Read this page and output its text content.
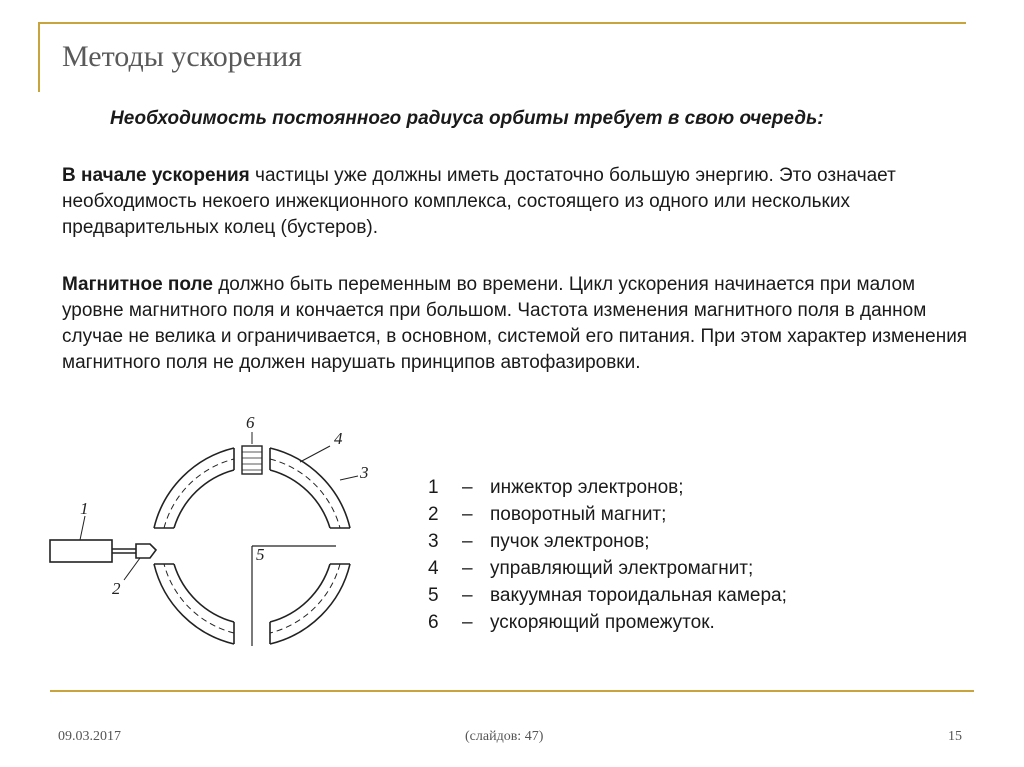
Методы ускорения
Необходимость постоянного радиуса орбиты требует в свою очередь:

В начале ускорения частицы уже должны иметь достаточно большую энергию. Это означает необходимость некоего инжекционного комплекса, состоящего из одного или нескольких предварительных колец (бустеров).

Магнитное поле должно быть переменным во времени. Цикл ускорения начинается при малом уровне магнитного поля и кончается при большом. Частота изменения магнитного поля в данном случае не велика и ограничивается, в основном, системой его питания. При этом характер изменения магнитного поля не должен нарушать принципов автофазировки.

1
2
3
4
5
6
1	– инжектор электронов;
2	– поворотный магнит;
3	– пучок электронов;
4	– управляющий электромагнит;
5	– вакуумная тороидальная камера;
6	– ускоряющий промежуток.
09.03.2017	(слайдов: 47)	15
